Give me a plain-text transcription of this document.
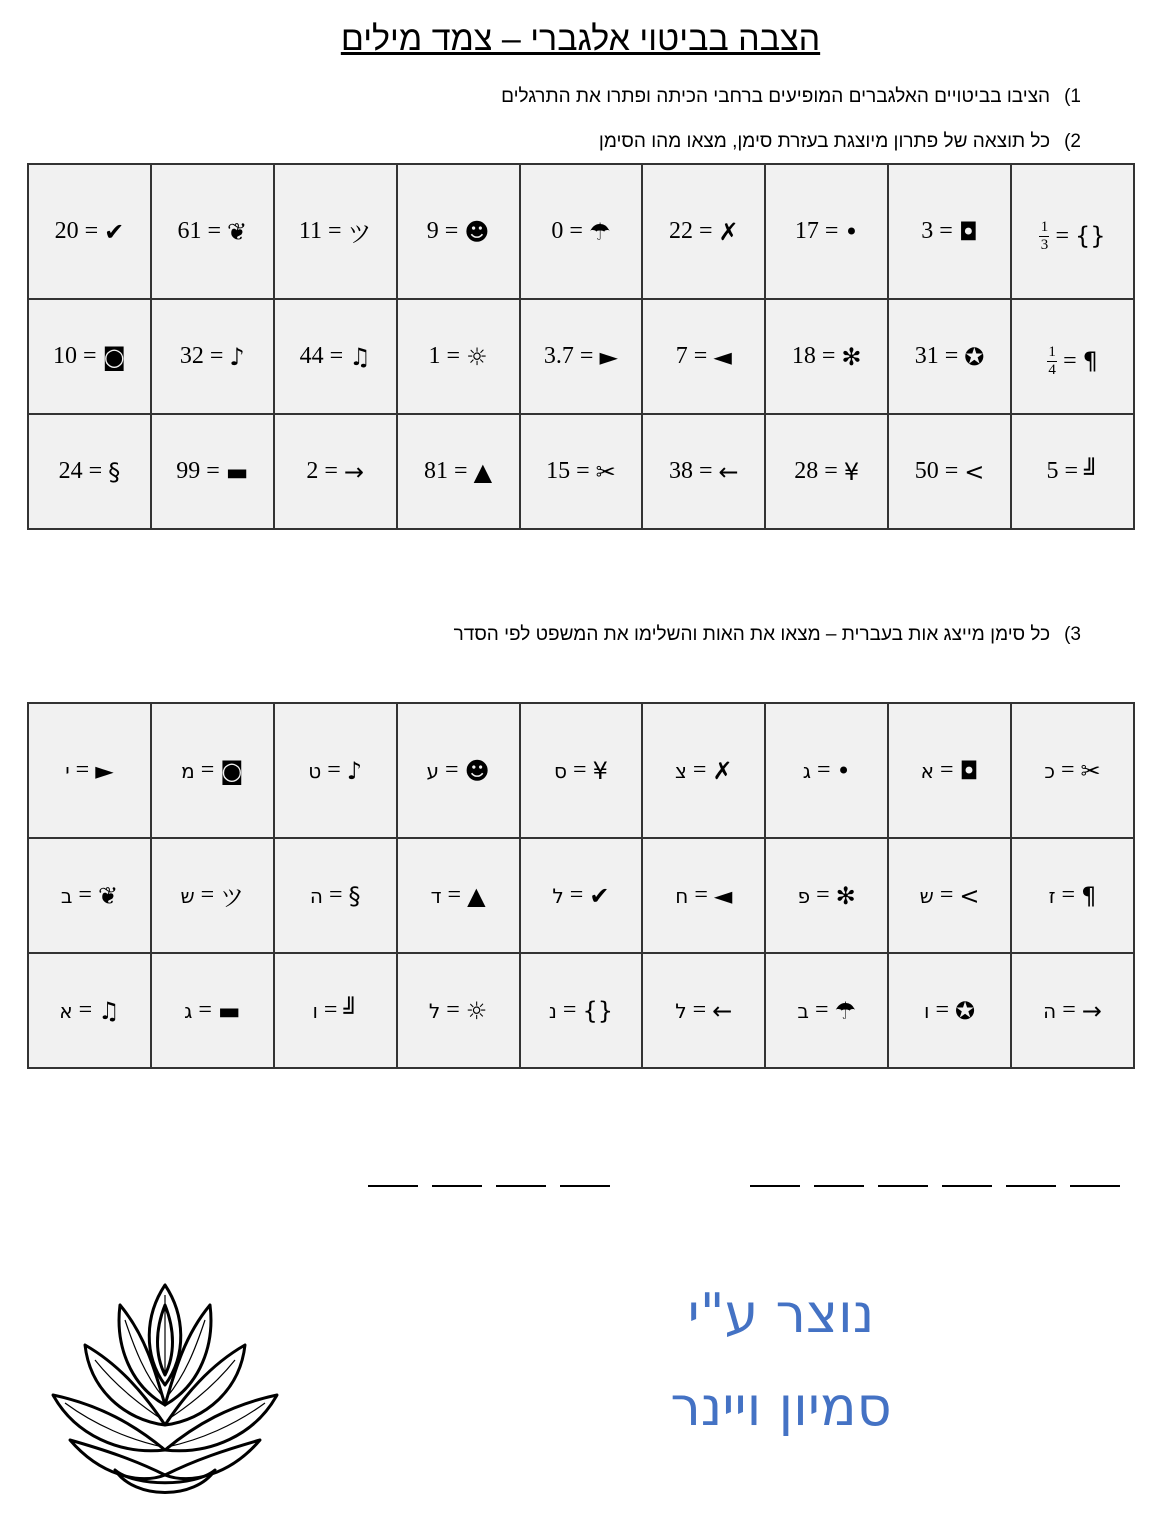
הצבה בביטוי אלגברי – צמד מילים
1)הציבו בביטויים האלגברים המופיעים ברחבי הכיתה ופתרו את התרגלים
2)כל תוצאה של פתרון מיוצגת בעזרת סימן, מצאו מהו הסימן
20 = ✔	61 = ❦	11 = ツ	9 = ☻	0 = ☂	22 = ✗	17 = •	3 = ◘	$\frac{1}{3}$ = {}

10 = ◙	32 = ♪	44 = ♫	1 = ☼	3.7 = ►	7 = ◄	18 = ✻	31 = ✪	$\frac{1}{4}$ = ¶

24 = §	99 = ▬	2 = →	81 = ▲	15 = ✂	38 = ←	28 = ¥	50 = <	5 = ╝
3)כל סימן מייצג אות בעברית – מצאו את האות והשלימו את המשפט לפי הסדר
י = ►	מ = ◙	ט = ♪	ע = ☻	ס = ¥	צ = ✗	ג = •	א = ◘	כ = ✂

ב = ❦	ש = ツ	ה = §	ד = ▲	ל = ✔	ח = ◄	פ = ✻	ש = <	ז = ¶

א = ♫	ג = ▬	ו = ╝	ל = ☼	נ = {}	ל = ←	ב = ☂	ו = ✪	ה = →
נוצר ע"י
סמיון ויינר
